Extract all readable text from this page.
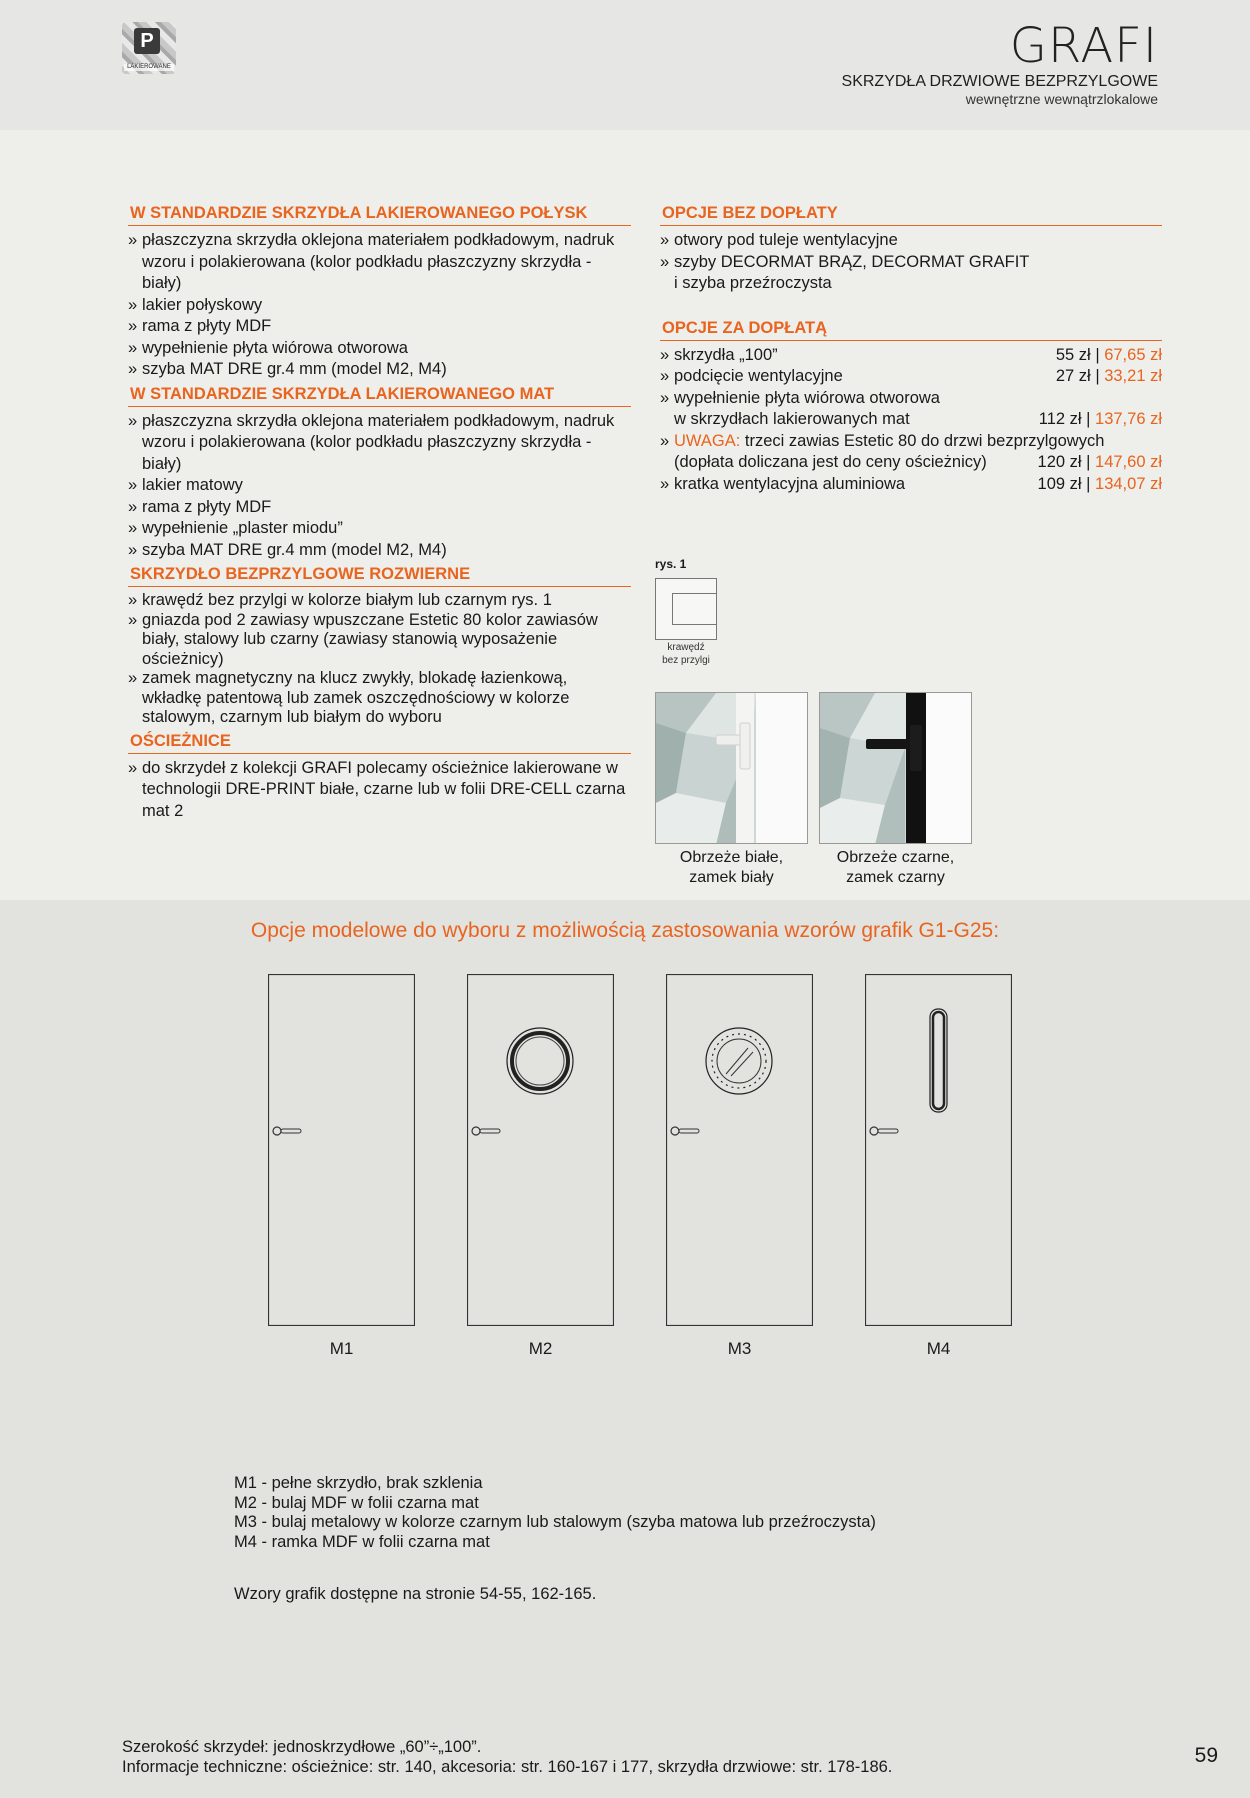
P
LAKIEROWANE	GRAFI
SKRZYDŁA DRZWIOWE BEZPRZYLGOWE
wewnętrzne wewnątrzlokalowe
W STANDARDZIE SKRZYDŁA LAKIEROWANEGO POŁYSK
» płaszczyzna skrzydła oklejona materiałem podkładowym, nadruk wzoru i polakierowana (kolor podkładu płaszczyzny skrzydła - biały)
» lakier połyskowy
» rama z płyty MDF
» wypełnienie płyta wiórowa otworowa
» szyba MAT DRE gr.4 mm (model M2, M4)
W STANDARDZIE SKRZYDŁA LAKIEROWANEGO MAT
» płaszczyzna skrzydła oklejona materiałem podkładowym, nadruk wzoru i polakierowana (kolor podkładu płaszczyzny skrzydła - biały)
» lakier matowy
» rama z płyty MDF
» wypełnienie „plaster miodu”
» szyba MAT DRE gr.4 mm (model M2, M4)
SKRZYDŁO BEZPRZYLGOWE ROZWIERNE
» krawędź bez przylgi w kolorze białym lub czarnym rys. 1
» gniazda pod 2 zawiasy wpuszczane Estetic 80 kolor zawiasów biały, stalowy lub czarny (zawiasy stanowią wyposażenie ościeżnicy)
» zamek magnetyczny na klucz zwykły, blokadę łazienkową, wkładkę patentową lub zamek oszczędnościowy w kolorze stalowym, czarnym lub białym do wyboru
OŚCIEŻNICE
» do skrzydeł z kolekcji GRAFI polecamy ościeżnice lakierowane w technologii DRE-PRINT białe, czarne lub w folii DRE-CELL czarna mat 2
OPCJE BEZ DOPŁATY
» otwory pod tuleje wentylacyjne
» szyby DECORMAT BRĄZ, DECORMAT GRAFIT
i szyba przeźroczysta
OPCJE ZA DOPŁATĄ
» skrzydła „100”	55 zł | 67,65 zł
» podcięcie wentylacyjne	27 zł | 33,21 zł
» wypełnienie płyta wiórowa otworowa
w skrzydłach lakierowanych mat	112 zł | 137,76 zł
» UWAGA: trzeci zawias Estetic 80 do drzwi bezprzylgowych
(dopłata doliczana jest do ceny ościeżnicy)	120 zł | 147,60 zł
» kratka wentylacyjna aluminiowa	109 zł | 134,07 zł
rys. 1
krawędź
bez przylgi
Obrzeże białe,
zamek biały
Obrzeże czarne,
zamek czarny
Opcje modelowe do wyboru z możliwością zastosowania wzorów grafik G1-G25:
M1	M2	M3	M4
M1 - pełne skrzydło, brak szklenia
M2 - bulaj MDF w folii czarna mat
M3 - bulaj metalowy w kolorze czarnym lub stalowym (szyba matowa lub przeźroczysta)
M4 - ramka MDF w folii czarna mat
Wzory grafik dostępne na stronie 54-55, 162-165.
Szerokość skrzydeł: jednoskrzydłowe „60”÷„100”.
Informacje techniczne: ościeżnice: str. 140, akcesoria: str. 160-167 i 177, skrzydła drzwiowe: str. 178-186.	59
